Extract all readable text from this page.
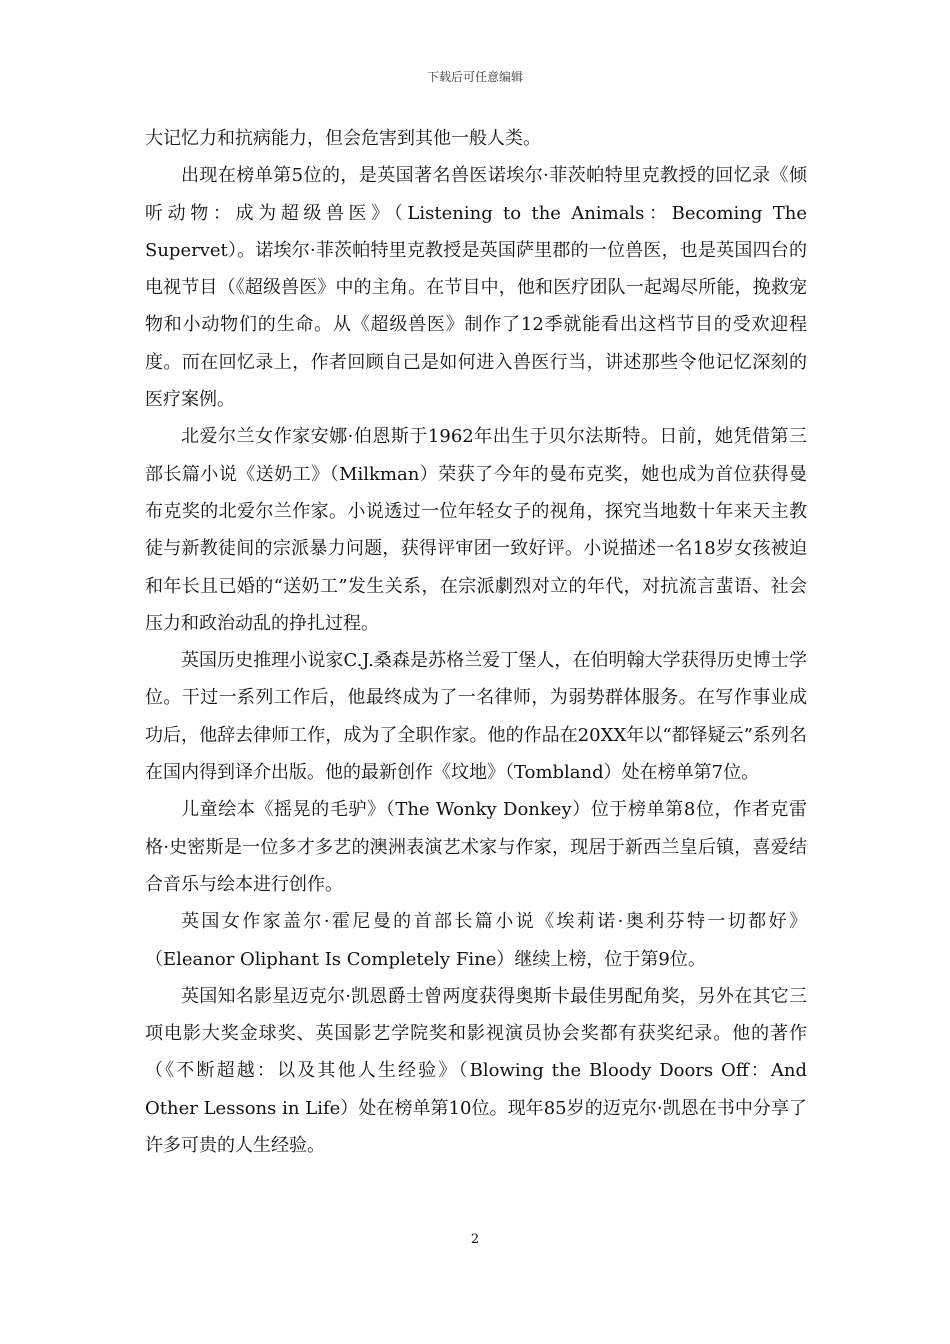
下载后可任意编辑

大记忆力和抗病能力，但会危害到其他一般人类。

出现在榜单第5位的，是英国著名兽医诺埃尔·菲茨帕特里克教授的回忆录《倾听动物：成为超级兽医》（Listening to the Animals：Becoming The Supervet）。诺埃尔·菲茨帕特里克教授是英国萨里郡的一位兽医，也是英国四台的电视节目（《超级兽医》中的主角。在节目中，他和医疗团队一起竭尽所能，挽救宠物和小动物们的生命。从《超级兽医》制作了12季就能看出这档节目的受欢迎程度。而在回忆录上，作者回顾自己是如何进入兽医行当，讲述那些令他记忆深刻的医疗案例。

北爱尔兰女作家安娜·伯恩斯于1962年出生于贝尔法斯特。日前，她凭借第三部长篇小说《送奶工》（Milkman）荣获了今年的曼布克奖，她也成为首位获得曼布克奖的北爱尔兰作家。小说透过一位年轻女子的视角，探究当地数十年来天主教徒与新教徒间的宗派暴力问题，获得评审团一致好评。小说描述一名18岁女孩被迫和年长且已婚的“送奶工”发生关系，在宗派劇烈对立的年代，对抗流言蜚语、社会压力和政治动乱的挣扎过程。

英国历史推理小说家C.J.桑森是苏格兰爱丁堡人，在伯明翰大学获得历史博士学位。干过一系列工作后，他最终成为了一名律师，为弱势群体服务。在写作事业成功后，他辞去律师工作，成为了全职作家。他的作品在20XX年以“都铎疑云”系列名在国内得到译介出版。他的最新创作《坟地》（Tombland）处在榜单第7位。

儿童绘本《摇晃的毛驴》（The Wonky Donkey）位于榜单第8位，作者克雷格·史密斯是一位多才多艺的澳洲表演艺术家与作家，现居于新西兰皇后镇，喜爱结合音乐与绘本进行创作。

英国女作家盖尔·霍尼曼的首部长篇小说《埃莉诺·奥利芬特一切都好》（Eleanor Oliphant Is Completely Fine）继续上榜，位于第9位。

英国知名影星迈克尔·凯恩爵士曾两度获得奥斯卡最佳男配角奖，另外在其它三项电影大奖金球奖、英国影艺学院奖和影视演员协会奖都有获奖纪录。他的著作（《不断超越：以及其他人生经验》（Blowing the Bloody Doors Off：And Other Lessons in Life）处在榜单第10位。现年85岁的迈克尔·凯恩在书中分享了许多可贵的人生经验。

2
